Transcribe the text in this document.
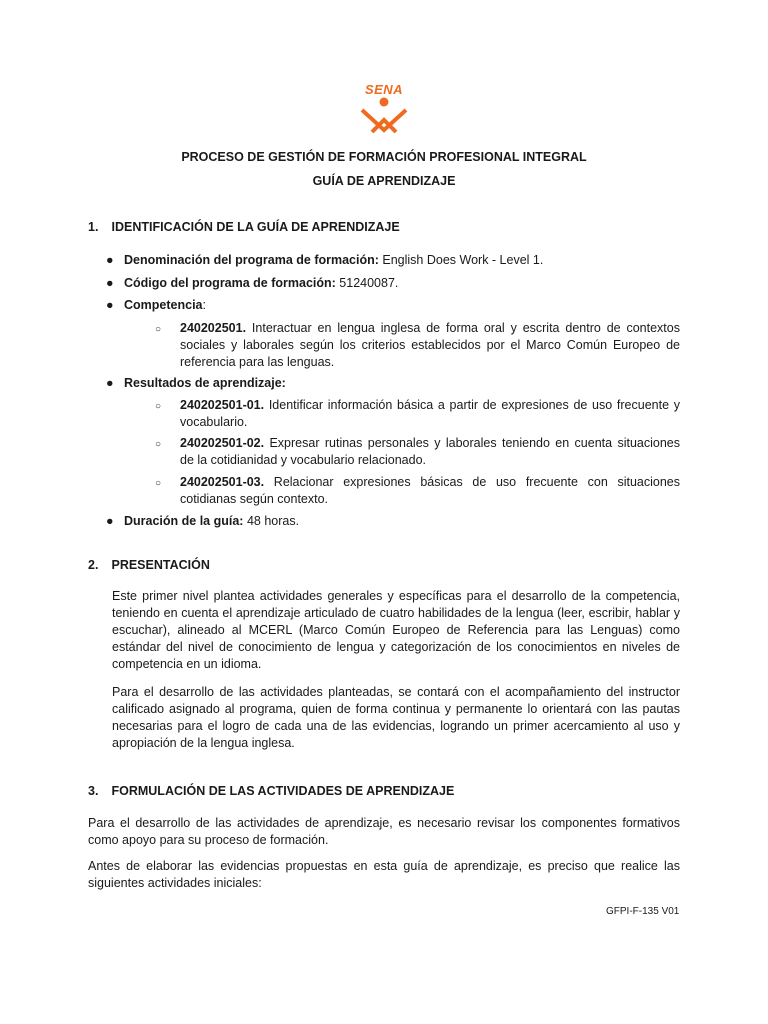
SENA
PROCESO DE GESTIÓN DE FORMACIÓN PROFESIONAL INTEGRAL
GUÍA DE APRENDIZAJE
1. IDENTIFICACIÓN DE LA GUÍA DE APRENDIZAJE
● Denominación del programa de formación: English Does Work - Level 1.
● Código del programa de formación: 51240087.
● Competencia:
○ 240202501. Interactuar en lengua inglesa de forma oral y escrita dentro de contextos sociales y laborales según los criterios establecidos por el Marco Común Europeo de referencia para las lenguas.
● Resultados de aprendizaje:
○ 240202501-01. Identificar información básica a partir de expresiones de uso frecuente y vocabulario.
○ 240202501-02. Expresar rutinas personales y laborales teniendo en cuenta situaciones de la cotidianidad y vocabulario relacionado.
○ 240202501-03. Relacionar expresiones básicas de uso frecuente con situaciones cotidianas según contexto.
● Duración de la guía: 48 horas.
2. PRESENTACIÓN
Este primer nivel plantea actividades generales y específicas para el desarrollo de la competencia, teniendo en cuenta el aprendizaje articulado de cuatro habilidades de la lengua (leer, escribir, hablar y escuchar), alineado al MCERL (Marco Común Europeo de Referencia para las Lenguas) como estándar del nivel de conocimiento de lengua y categorización de los conocimientos en niveles de competencia en un idioma.
Para el desarrollo de las actividades planteadas, se contará con el acompañamiento del instructor calificado asignado al programa, quien de forma continua y permanente lo orientará con las pautas necesarias para el logro de cada una de las evidencias, logrando un primer acercamiento al uso y apropiación de la lengua inglesa.
3. FORMULACIÓN DE LAS ACTIVIDADES DE APRENDIZAJE
Para el desarrollo de las actividades de aprendizaje, es necesario revisar los componentes formativos como apoyo para su proceso de formación.
Antes de elaborar las evidencias propuestas en esta guía de aprendizaje, es preciso que realice las siguientes actividades iniciales:
GFPI-F-135 V01
